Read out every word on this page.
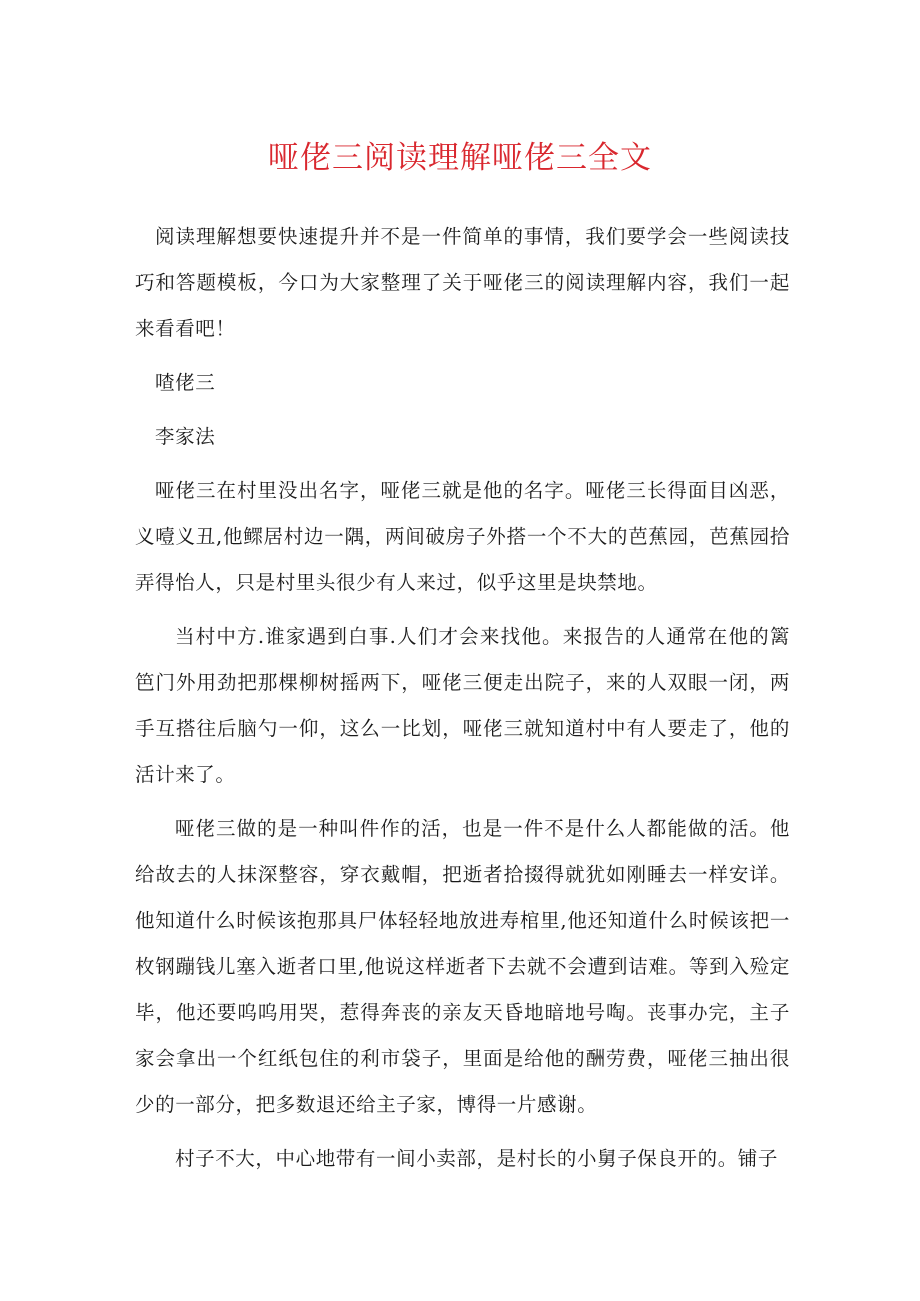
哑佬三阅读理解哑佬三全文

阅读理解想要快速提升并不是一件简单的事情，我们要学会一些阅读技巧和答题模板，今口为大家整理了关于哑佬三的阅读理解内容，我们一起来看看吧！

喳佬三

李家法

哑佬三在村里没出名字，哑佬三就是他的名字。哑佬三长得面目凶恶，义噎义丑,他鳏居村边一隅，两间破房子外搭一个不大的芭蕉园，芭蕉园拾弄得怡人，只是村里头很少有人来过，似乎这里是块禁地。

当村中方.谁家遇到白事.人们才会来找他。来报告的人通常在他的篱笆门外用劲把那棵柳树摇两下，哑佬三便走出院子，来的人双眼一闭，两手互搭往后脑勺一仰，这么一比划，哑佬三就知道村中有人要走了，他的活计来了。

哑佬三做的是一种叫件作的活，也是一件不是什么人都能做的活。他给故去的人抹深整容，穿衣戴帽，把逝者拾掇得就犹如刚睡去一样安详。他知道什么时候该抱那具尸体轻轻地放进寿棺里,他还知道什么时候该把一枚钢蹦钱儿塞入逝者口里,他说这样逝者下去就不会遭到诘难。等到入殓定毕，他还要呜呜用哭，惹得奔丧的亲友天昏地暗地号啕。丧事办完，主子家会拿出一个红纸包住的利市袋子，里面是给他的酬劳费，哑佬三抽出很少的一部分，把多数退还给主子家，博得一片感谢。

村子不大，中心地带有一间小卖部，是村长的小舅子保良开的。铺子
